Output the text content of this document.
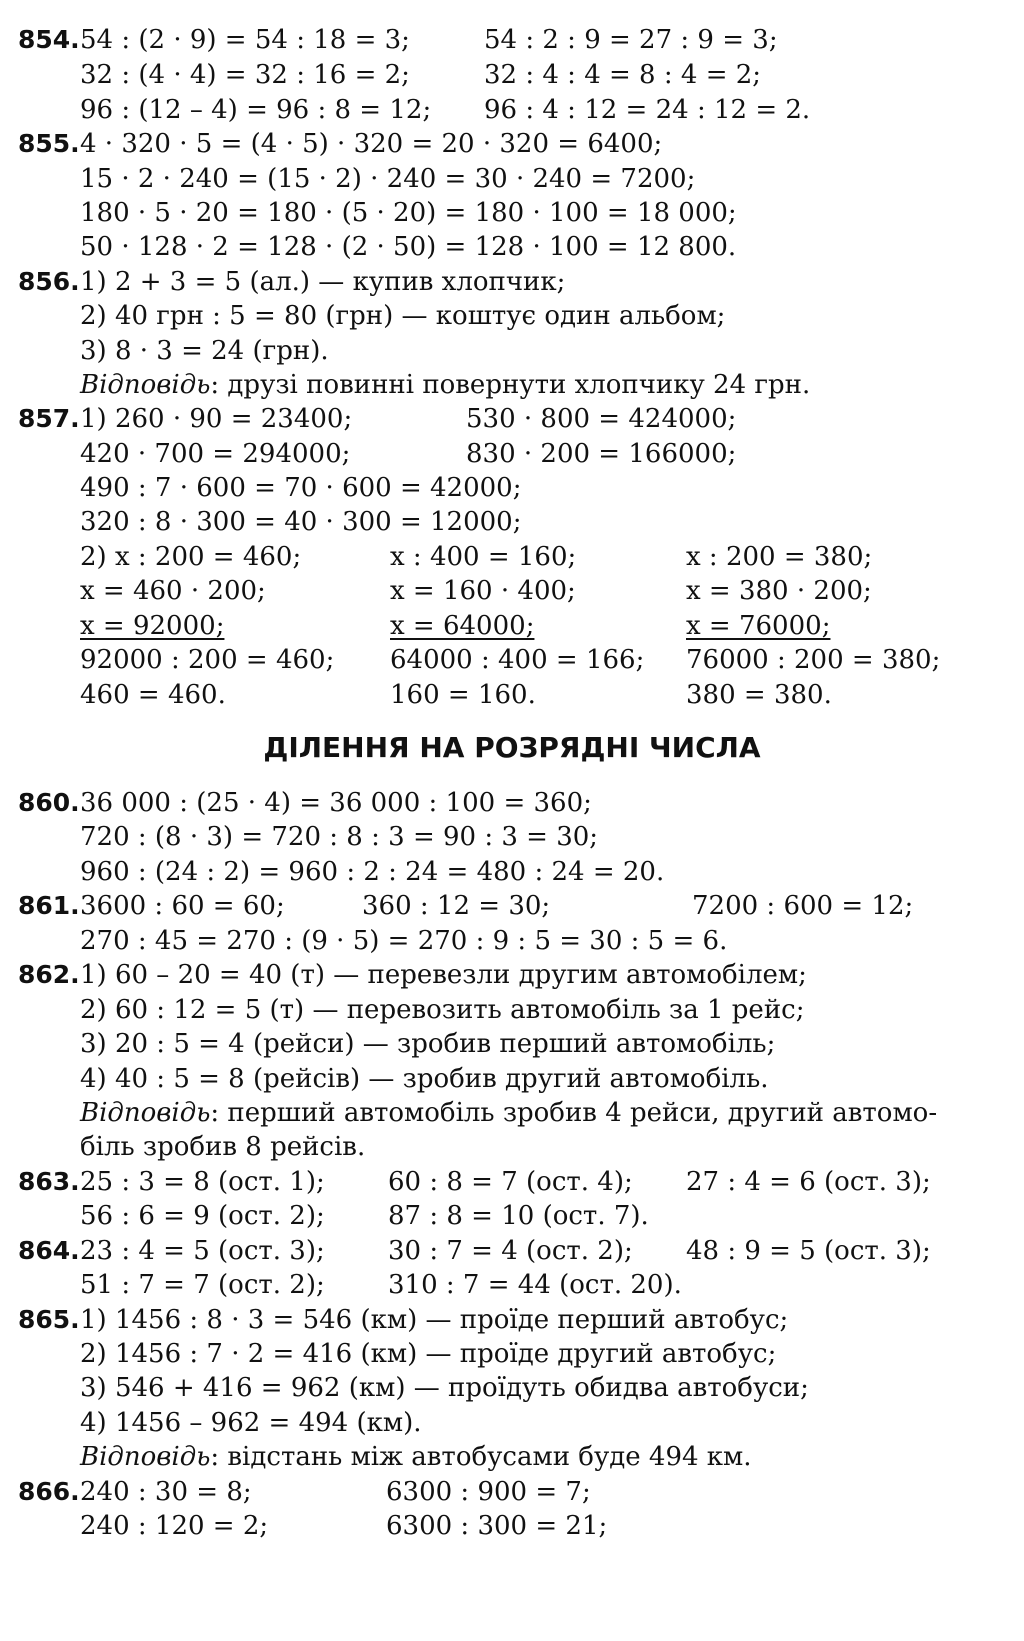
854. 54 : (2 · 9) = 54 : 18 = 3;	54 : 2 : 9 = 27 : 9 = 3;
32 : (4 · 4) = 32 : 16 = 2;	32 : 4 : 4 = 8 : 4 = 2;
96 : (12 – 4) = 96 : 8 = 12; 96 : 4 : 12 = 24 : 12 = 2.
855. 4 · 320 · 5 = (4 · 5) · 320 = 20 · 320 = 6400;
15 · 2 · 240 = (15 · 2) · 240 = 30 · 240 = 7200;
180 · 5 · 20 = 180 · (5 · 20) = 180 · 100 = 18 000;
50 · 128 · 2 = 128 · (2 · 50) = 128 · 100 = 12 800.
856. 1) 2 + 3 = 5 (ал.) — купив хлопчик;
2) 40 грн : 5 = 80 (грн) — коштує один альбом;
3) 8 · 3 = 24 (грн).
Відповідь: друзі повинні повернути хлопчику 24 грн.
857. 1) 260 · 90 = 23400;	530 · 800 = 424000;
420 · 700 = 294000;	830 · 200 = 166000;
490 : 7 · 600 = 70 · 600 = 42000;
320 : 8 · 300 = 40 · 300 = 12000;
2) x : 200 = 460;	x : 400 = 160;	x : 200 = 380;
x = 460 · 200;	x = 160 · 400;	x = 380 · 200;
x = 92000;	x = 64000;	x = 76000;
92000 : 200 = 460; 64000 : 400 = 166; 76000 : 200 = 380;
460 = 460.	160 = 160.	380 = 380.
ДІЛЕННЯ НА РОЗРЯДНІ ЧИСЛА
860. 36 000 : (25 · 4) = 36 000 : 100 = 360;
720 : (8 · 3) = 720 : 8 : 3 = 90 : 3 = 30;
960 : (24 : 2) = 960 : 2 : 24 = 480 : 24 = 20.
861. 3600 : 60 = 60;	360 : 12 = 30;	7200 : 600 = 12;
270 : 45 = 270 : (9 · 5) = 270 : 9 : 5 = 30 : 5 = 6.
862. 1) 60 – 20 = 40 (т) — перевезли другим автомобілем;
2) 60 : 12 = 5 (т) — перевозить автомобіль за 1 рейс;
3) 20 : 5 = 4 (рейси) — зробив перший автомобіль;
4) 40 : 5 = 8 (рейсів) — зробив другий автомобіль.
Відповідь: перший автомобіль зробив 4 рейси, другий автомо-
біль зробив 8 рейсів.
863. 25 : 3 = 8 (ост. 1); 60 : 8 = 7 (ост. 4); 27 : 4 = 6 (ост. 3);
56 : 6 = 9 (ост. 2); 87 : 8 = 10 (ост. 7).
864. 23 : 4 = 5 (ост. 3); 30 : 7 = 4 (ост. 2); 48 : 9 = 5 (ост. 3);
51 : 7 = 7 (ост. 2); 310 : 7 = 44 (ост. 20).
865. 1) 1456 : 8 · 3 = 546 (км) — проїде перший автобус;
2) 1456 : 7 · 2 = 416 (км) — проїде другий автобус;
3) 546 + 416 = 962 (км) — проїдуть обидва автобуси;
4) 1456 – 962 = 494 (км).
Відповідь: відстань між автобусами буде 494 км.
866. 240 : 30 = 8;	6300 : 900 = 7;
240 : 120 = 2;	6300 : 300 = 21;
